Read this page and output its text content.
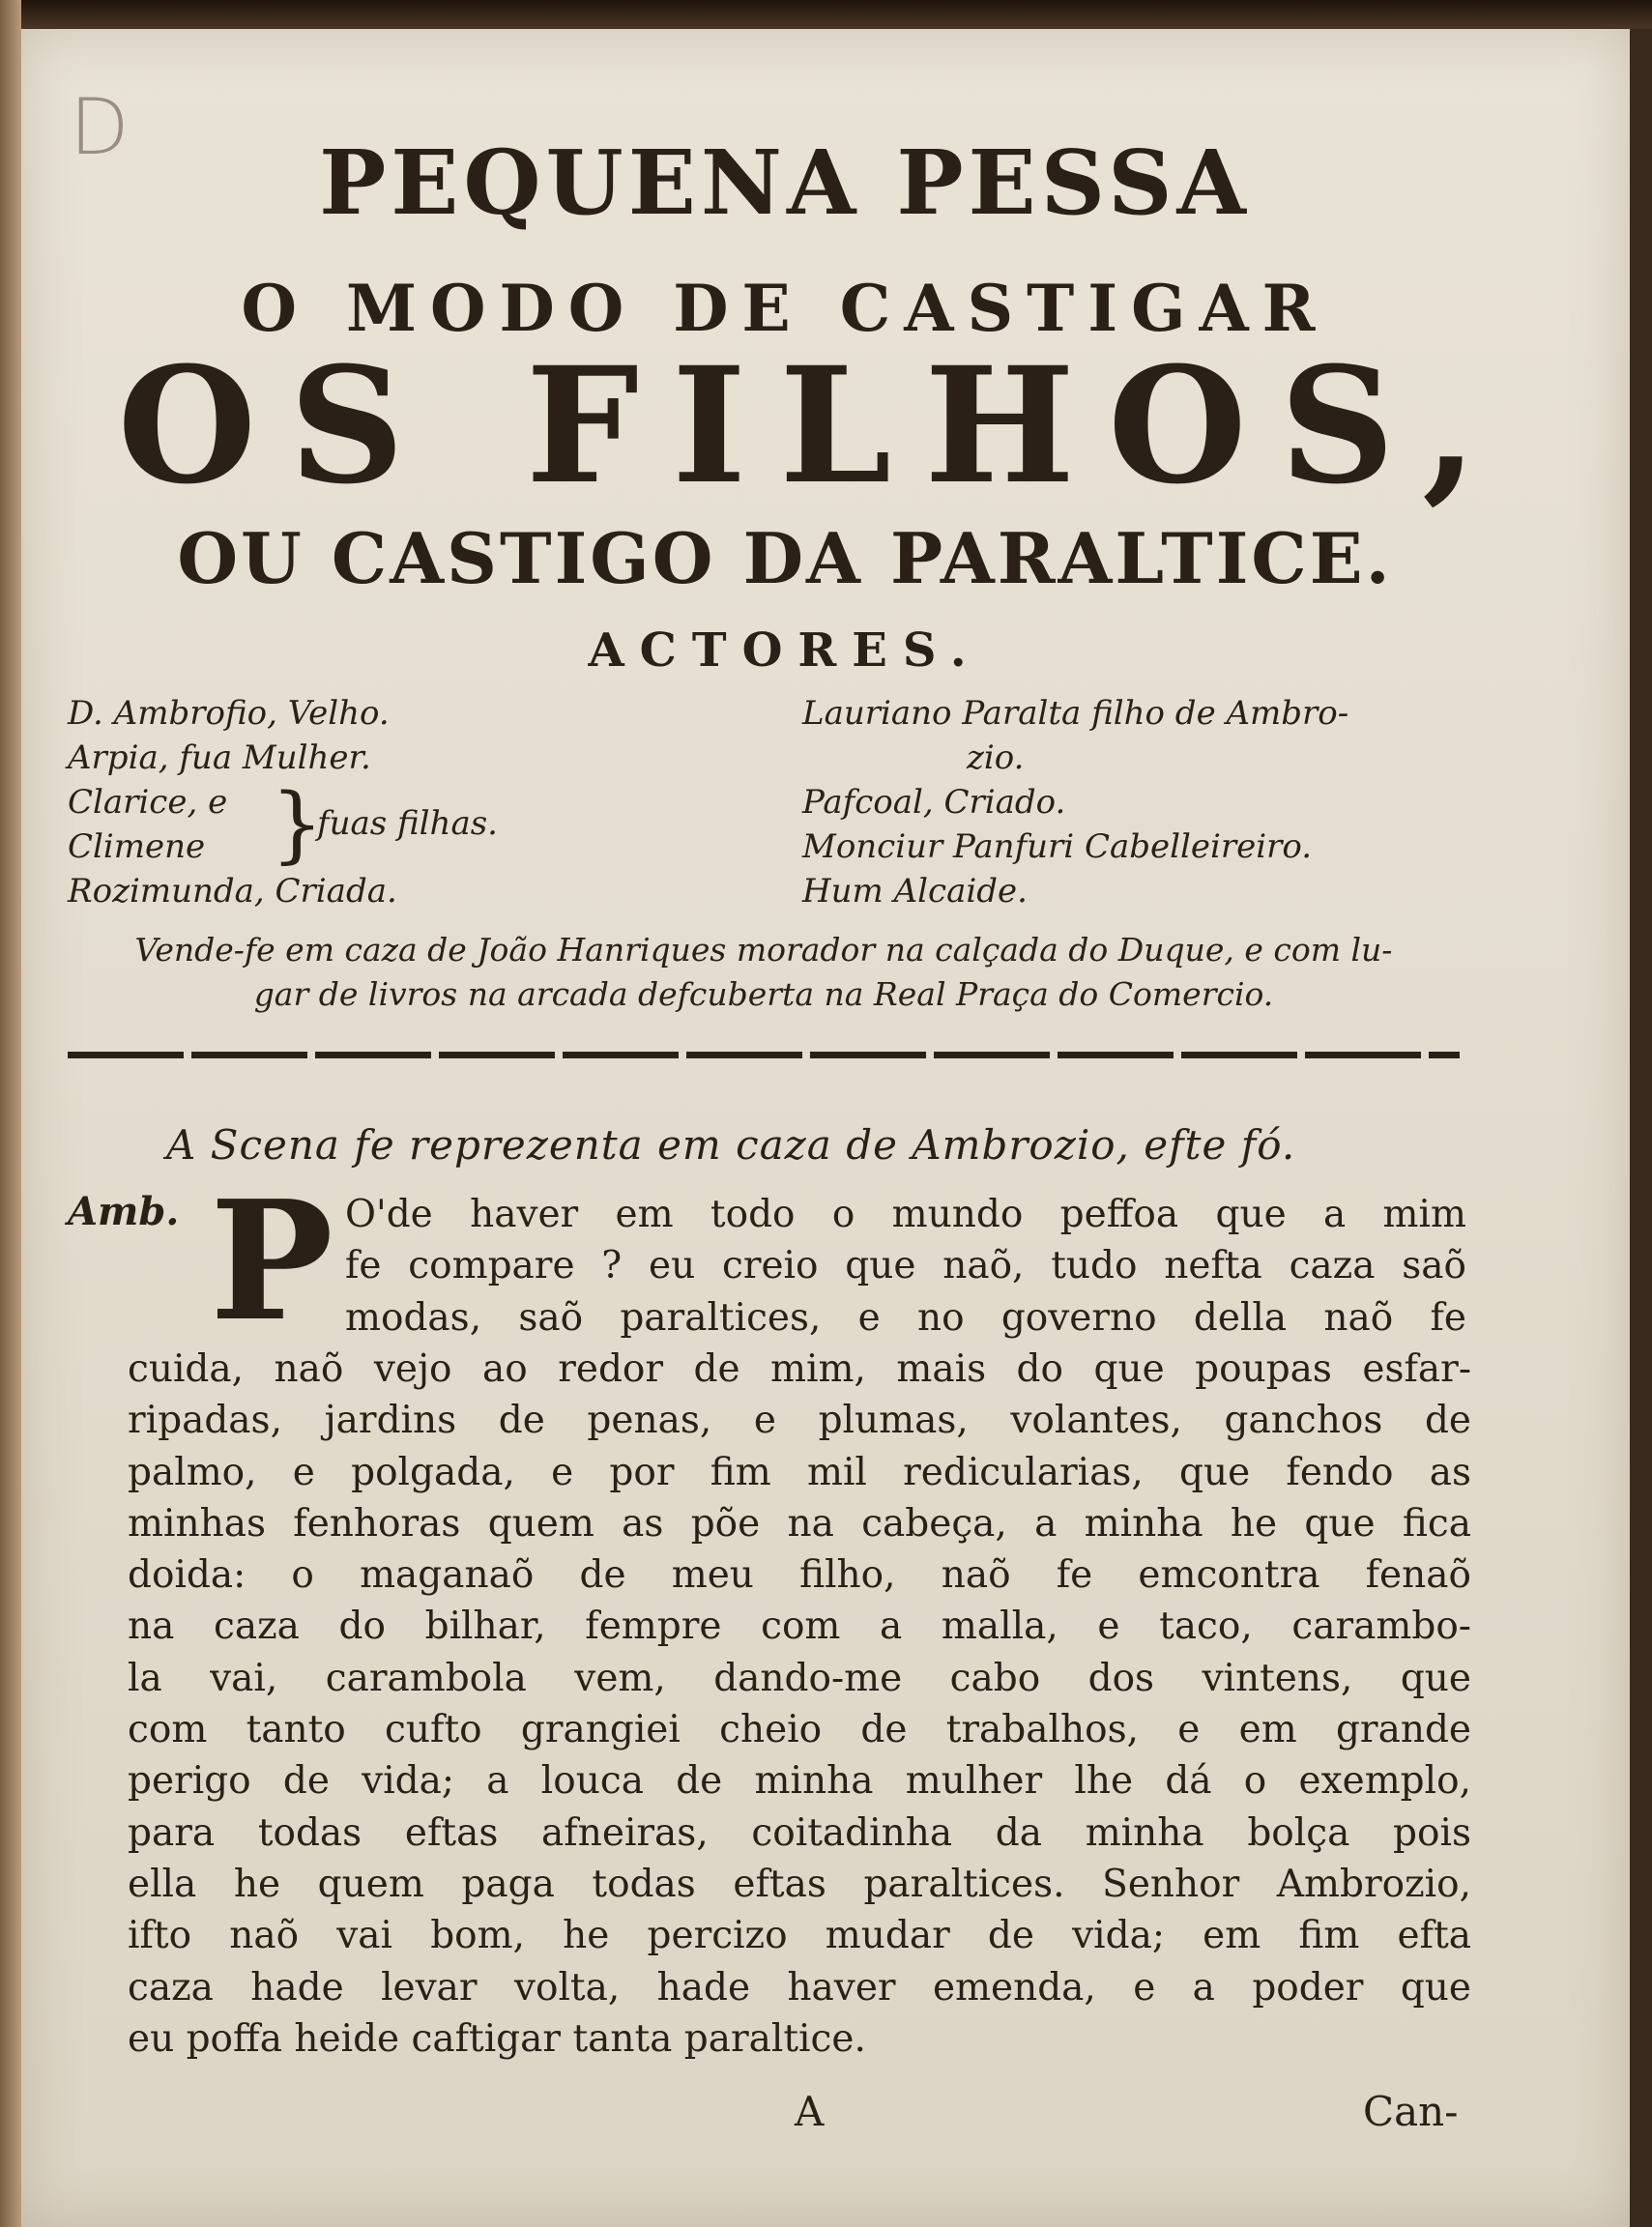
D
PEQUENA PESSA
O MODO DE CASTIGAR
OS FILHOS,
OU CASTIGO DA PARALTICE.
ACTORES.
D. Ambrofio, Velho.
Arpia, fua Mulher.
Clarice, e
Climene }
fuas filhas.
Rozimunda, Criada.
Lauriano Paralta filho de Ambro-
zio.
Pafcoal, Criado.
Monciur Panfuri Cabelleireiro.
Hum Alcaide.
Vende-fe em caza de João Hanriques morador na calçada do Duque, e com lu-
gar de livros na arcada defcuberta na Real Praça do Comercio.
A Scena fe reprezenta em caza de Ambrozio, efte fó.
Amb. P O'de haver em todo o mundo peffoa que a mim
fe compare ? eu creio que naõ, tudo nefta caza saõ
modas, saõ paraltices, e no governo della naõ fe
cuida, naõ vejo ao redor de mim, mais do que poupas esfar-
ripadas, jardins de penas, e plumas, volantes, ganchos de
palmo, e polgada, e por fim mil redicularias, que fendo as
minhas fenhoras quem as põe na cabeça, a minha he que fica
doida: o maganaõ de meu filho, naõ fe emcontra fenaõ
na caza do bilhar, fempre com a malla, e taco, carambo-
la vai, carambola vem, dando-me cabo dos vintens, que
com tanto cufto grangiei cheio de trabalhos, e em grande
perigo de vida; a louca de minha mulher lhe dá o exemplo,
para todas eftas afneiras, coitadinha da minha bolça pois
ella he quem paga todas eftas paraltices. Senhor Ambrozio,
ifto naõ vai bom, he percizo mudar de vida; em fim efta
caza hade levar volta, hade haver emenda, e a poder que
eu poffa heide caftigar tanta paraltice.
A	Can-
